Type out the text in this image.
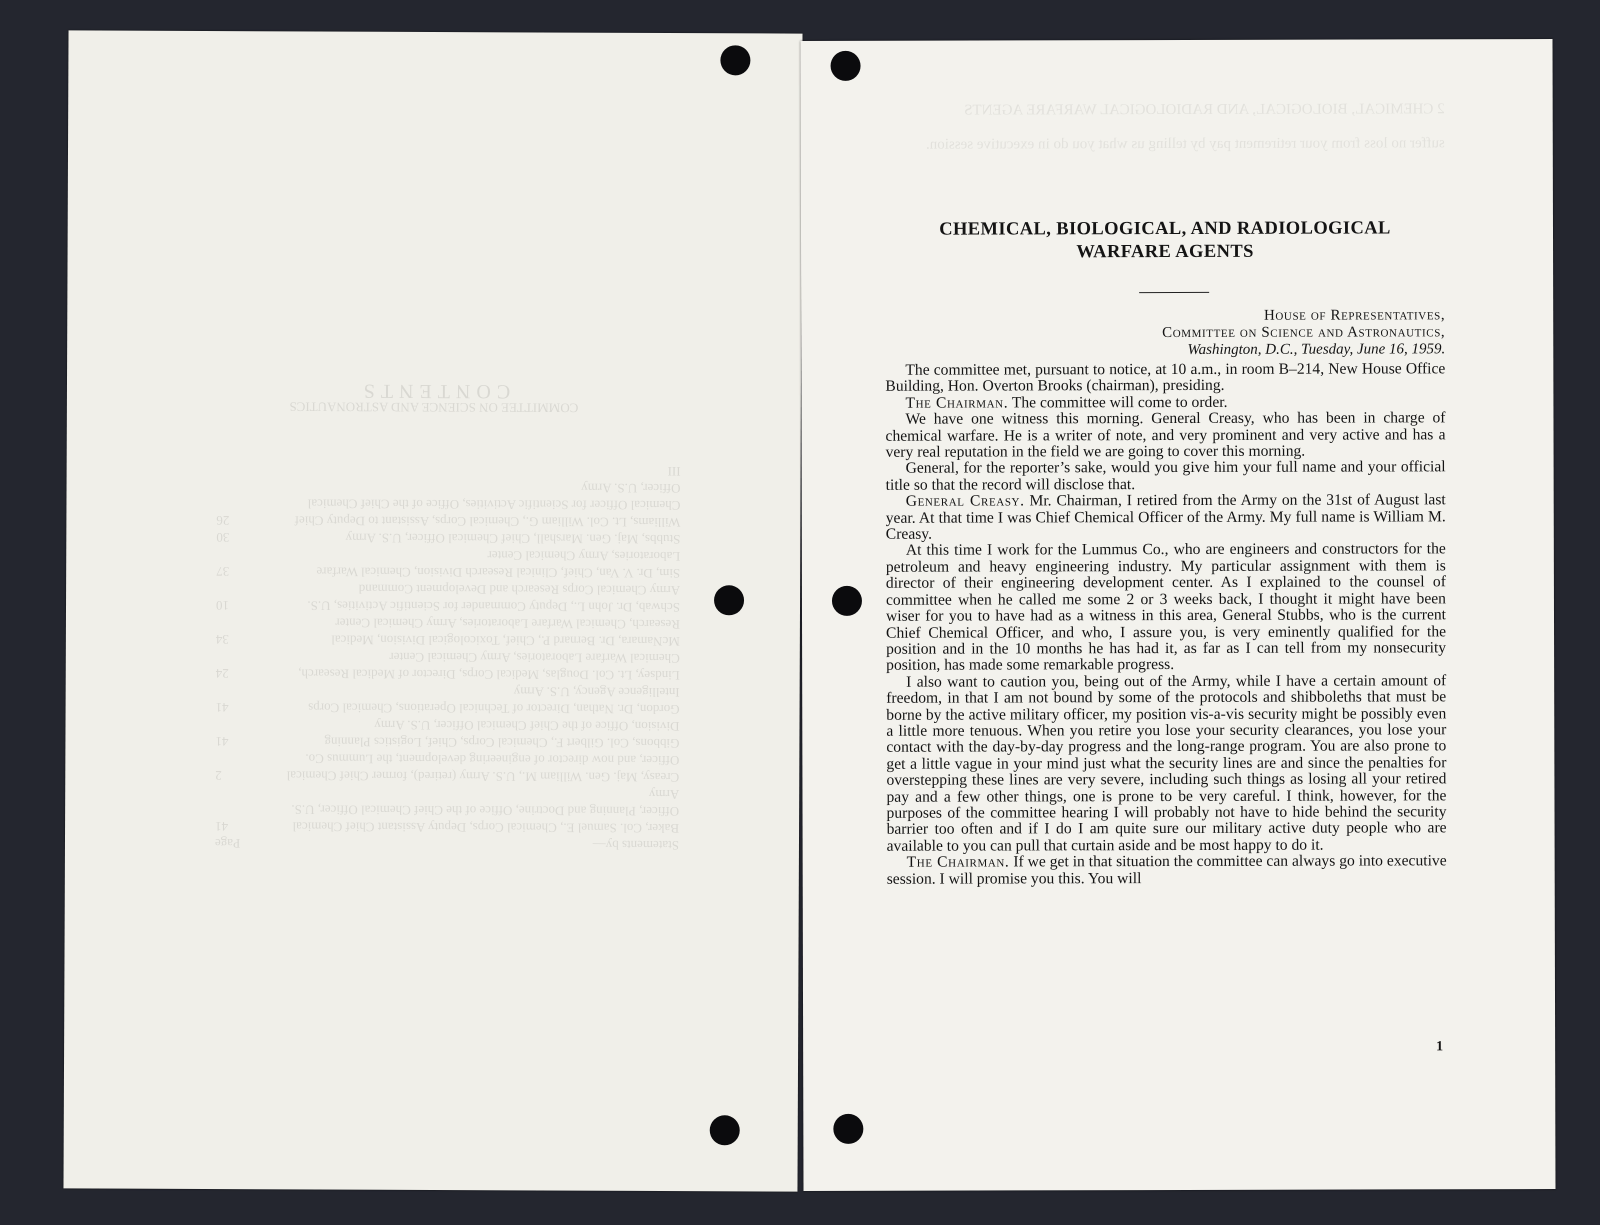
COMMITTEE ON SCIENCE AND ASTRONAUTICS
CONTENTS
Statements by—
Page
Baker, Col. Samuel E., Chemical Corps, Deputy Assistant Chief Chemical Officer, Planning and Doctrine, Office of the Chief Chemical Officer, U.S. Army
41
Creasy, Maj. Gen. William M., U.S. Army (retired), former Chief Chemical Officer, and now director of engineering development, the Lummus Co.
2
Gibbons, Col. Gilbert F., Chemical Corps, Chief, Logistics Planning Division, Office of the Chief Chemical Officer, U.S. Army
41
Gordon, Dr. Nathan, Director of Technical Operations, Chemical Corps Intelligence Agency, U.S. Army
41
Lindsey, Lt. Col. Douglas, Medical Corps, Director of Medical Research, Chemical Warfare Laboratories, Army Chemical Center
24
McNamara, Dr. Bernard P., Chief, Toxicological Division, Medical Research, Chemical Warfare Laboratories, Army Chemical Center
34
Schwab, Dr. John L., Deputy Commander for Scientific Activities, U.S. Army Chemical Corps Research and Development Command
10
Sim, Dr. V. Van, Chief, Clinical Research Division, Chemical Warfare Laboratories, Army Chemical Center
37
Stubbs, Maj. Gen. Marshall, Chief Chemical Officer, U.S. Army
30
Williams, Lt. Col. William G., Chemical Corps, Assistant to Deputy Chief Chemical Officer for Scientific Activities, Office of the Chief Chemical Officer, U.S. Army
26
III
2 CHEMICAL, BIOLOGICAL, AND RADIOLOGICAL WARFARE AGENTS
suffer no loss from your retirement pay by telling us what you do in executive session.
CHEMICAL, BIOLOGICAL, AND RADIOLOGICAL
WARFARE AGENTS
House of Representatives,
Committee on Science and Astronautics,
Washington, D.C., Tuesday, June 16, 1959.

The committee met, pursuant to notice, at 10 a.m., in room B–214, New House Office Building, Hon. Overton Brooks (chairman), presiding.

The Chairman. The committee will come to order.

We have one witness this morning. General Creasy, who has been in charge of chemical warfare. He is a writer of note, and very prominent and very active and has a very real reputation in the field we are going to cover this morning.

General, for the reporter’s sake, would you give him your full name and your official title so that the record will disclose that.

General Creasy. Mr. Chairman, I retired from the Army on the 31st of August last year. At that time I was Chief Chemical Officer of the Army. My full name is William M. Creasy.

At this time I work for the Lummus Co., who are engineers and constructors for the petroleum and heavy engineering industry. My particular assignment with them is director of their engineering development center. As I explained to the counsel of committee when he called me some 2 or 3 weeks back, I thought it might have been wiser for you to have had as a witness in this area, General Stubbs, who is the current Chief Chemical Officer, and who, I assure you, is very eminently qualified for the position and in the 10 months he has had it, as far as I can tell from my nonsecurity position, has made some remarkable progress.

I also want to caution you, being out of the Army, while I have a certain amount of freedom, in that I am not bound by some of the protocols and shibboleths that must be borne by the active military officer, my position vis-a-vis security might be possibly even a little more tenuous. When you retire you lose your security clearances, you lose your contact with the day-by-day progress and the long-range program. You are also prone to get a little vague in your mind just what the security lines are and since the penalties for overstepping these lines are very severe, including such things as losing all your retired pay and a few other things, one is prone to be very careful. I think, however, for the purposes of the committee hearing I will probably not have to hide behind the security barrier too often and if I do I am quite sure our military active duty people who are available to you can pull that curtain aside and be most happy to do it.

The Chairman. If we get in that situation the committee can always go into executive session. I will promise you this. You will

1
